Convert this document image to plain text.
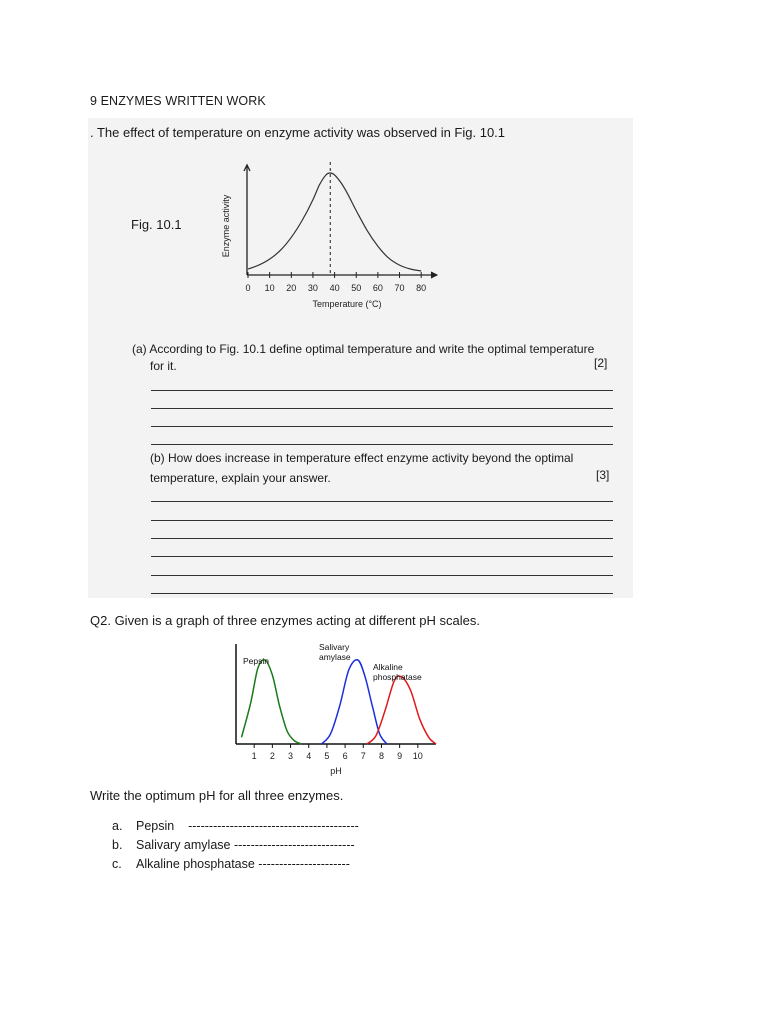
9 ENZYMES WRITTEN WORK
. The effect of temperature on enzyme activity was observed in Fig. 10.1
Fig. 10.1
0 10 20 30 40 50 60 70 80
Temperature (°C)
Enzyme activity
(a) According to Fig. 10.1 define optimal temperature and write the optimal temperature
for it.	[2]
(b) How does increase in temperature effect enzyme activity beyond the optimal
temperature, explain your answer.	[3]
Q2. Given is a graph of three enzymes acting at different pH scales.
1 2 3 4 5 6 7 8 9 10
pH
Pepsin
Salivary amylase
Alkaline phosphatase
Write the optimum pH for all three enzymes.
a.	Pepsin    -----------------------------------------
b.	Salivary amylase -----------------------------
c.	Alkaline phosphatase ----------------------
